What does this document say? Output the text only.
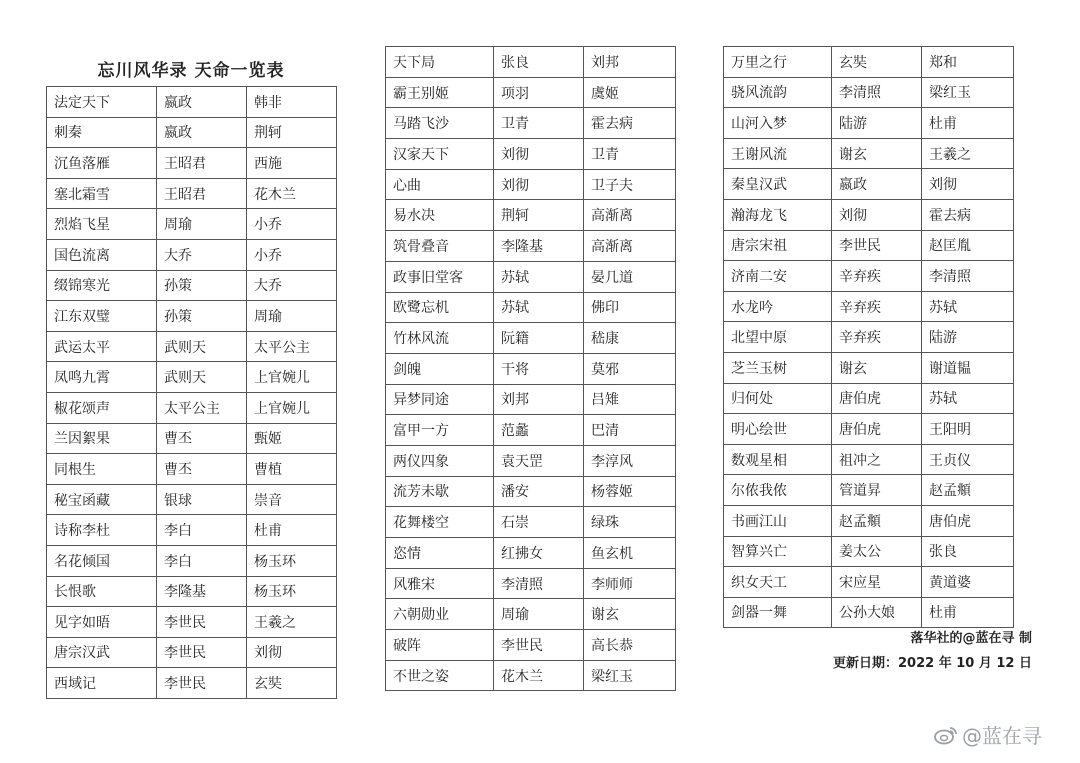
忘川风华录 天命一览表
法定天下	嬴政	韩非
刺秦	嬴政	荆轲
沉鱼落雁	王昭君	西施
塞北霜雪	王昭君	花木兰
烈焰飞星	周瑜	小乔
国色流离	大乔	小乔
缀锦寒光	孙策	大乔
江东双璧	孙策	周瑜
武运太平	武则天	太平公主
凤鸣九霄	武则天	上官婉儿
椒花颂声	太平公主	上官婉儿
兰因絮果	曹丕	甄姬
同根生	曹丕	曹植
秘宝函藏	银球	崇音
诗称李杜	李白	杜甫
名花倾国	李白	杨玉环
长恨歌	李隆基	杨玉环
见字如晤	李世民	王羲之
唐宗汉武	李世民	刘彻
西域记	李世民	玄奘
天下局	张良	刘邦
霸王别姬	项羽	虞姬
马踏飞沙	卫青	霍去病
汉家天下	刘彻	卫青
心曲	刘彻	卫子夫
易水决	荆轲	高渐离
筑骨叠音	李隆基	高渐离
政事旧堂客	苏轼	晏几道
欧鹭忘机	苏轼	佛印
竹林风流	阮籍	嵇康
剑魄	干将	莫邪
异梦同途	刘邦	吕雉
富甲一方	范蠡	巴清
两仪四象	袁天罡	李淳风
流芳未歇	潘安	杨蓉姬
花舞楼空	石崇	绿珠
恣情	红拂女	鱼玄机
风雅宋	李清照	李师师
六朝勋业	周瑜	谢玄
破阵	李世民	高长恭
不世之姿	花木兰	梁红玉
万里之行	玄奘	郑和
骁风流韵	李清照	梁红玉
山河入梦	陆游	杜甫
王谢风流	谢玄	王羲之
秦皇汉武	嬴政	刘彻
瀚海龙飞	刘彻	霍去病
唐宗宋祖	李世民	赵匡胤
济南二安	辛弃疾	李清照
水龙吟	辛弃疾	苏轼
北望中原	辛弃疾	陆游
芝兰玉树	谢玄	谢道韫
归何处	唐伯虎	苏轼
明心绘世	唐伯虎	王阳明
数观星相	祖冲之	王贞仪
尔侬我侬	管道昇	赵孟頫
书画江山	赵孟頫	唐伯虎
智算兴亡	姜太公	张良
织女天工	宋应星	黄道婆
剑器一舞	公孙大娘	杜甫
落华社的@蓝在寻 制
更新日期：2022 年 10 月 12 日
@蓝在寻
